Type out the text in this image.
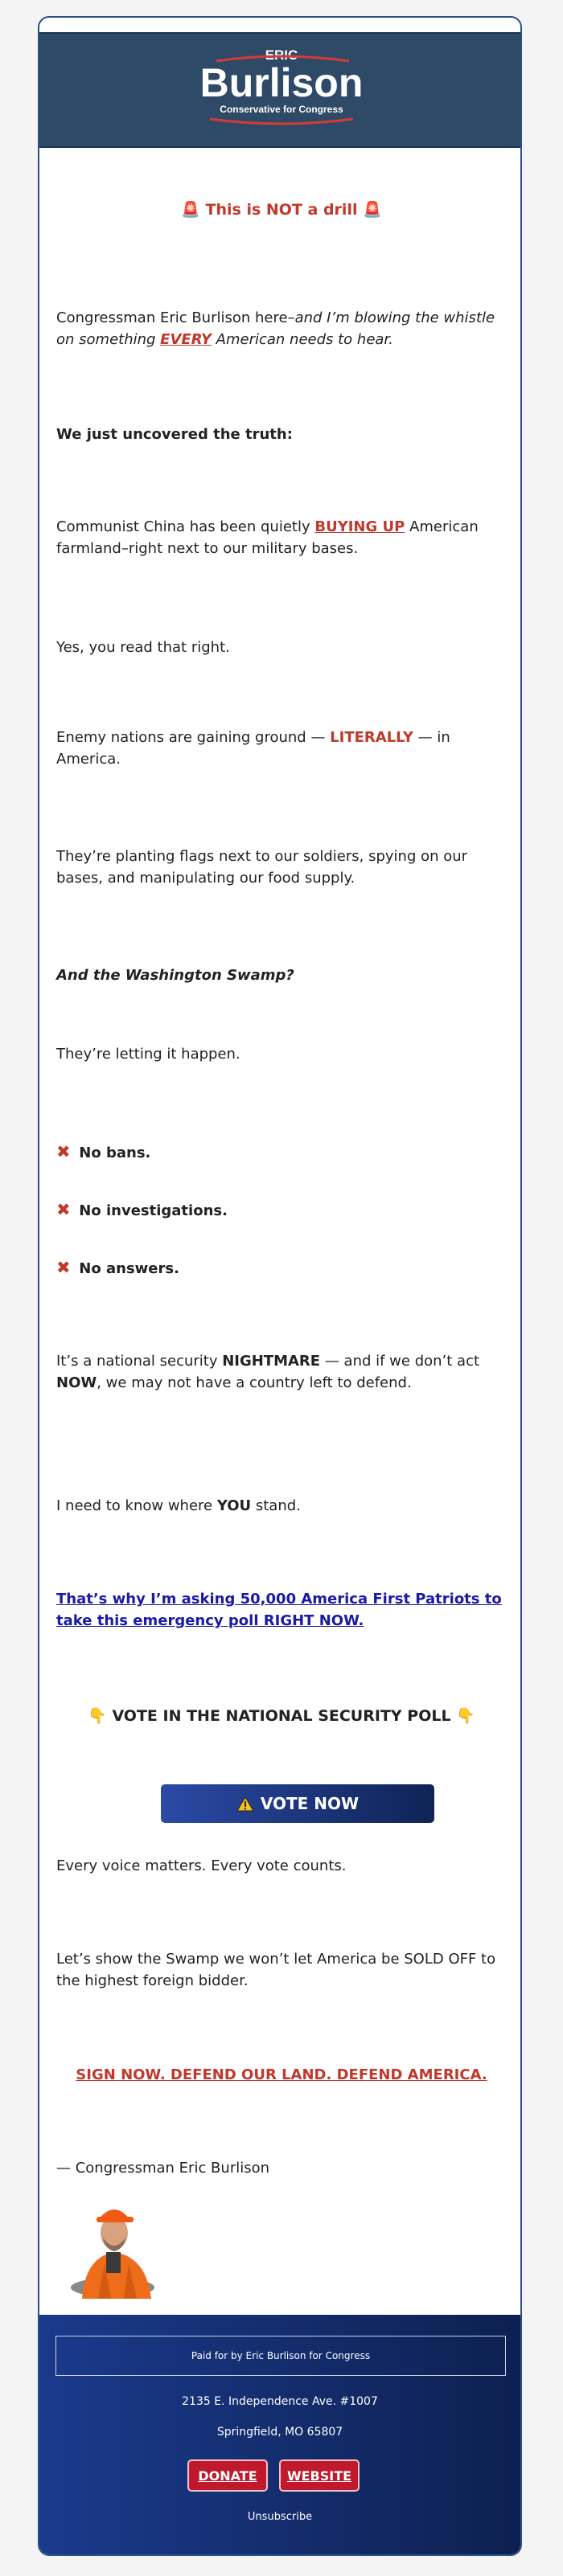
ERIC
Burlison
Conservative for Congress

🚨 This is NOT a drill 🚨

Congressman Eric Burlison here–and I’m blowing the whistle on something EVERY American needs to hear.

We just uncovered the truth:

Communist China has been quietly BUYING UP American farmland–right next to our military bases.

Yes, you read that right.

Enemy nations are gaining ground — LITERALLY — in America.

They’re planting flags next to our soldiers, spying on our bases, and manipulating our food supply.

And the Washington Swamp?

They’re letting it happen.

✖ No bans.

✖ No investigations.

✖ No answers.

It’s a national security NIGHTMARE — and if we don’t act NOW, we may not have a country left to defend.

I need to know where YOU stand.

That’s why I’m asking 50,000 America First Patriots to take this emergency poll RIGHT NOW.

👇 VOTE IN THE NATIONAL SECURITY POLL 👇

VOTE NOW

Every voice matters. Every vote counts.

Let’s show the Swamp we won’t let America be SOLD OFF to the highest foreign bidder.

SIGN NOW. DEFEND OUR LAND. DEFEND AMERICA.

— Congressman Eric Burlison

Paid for by Eric Burlison for Congress
2135 E. Independence Ave. #1007
Springfield, MO 65807
DONATE	WEBSITE
Unsubscribe
